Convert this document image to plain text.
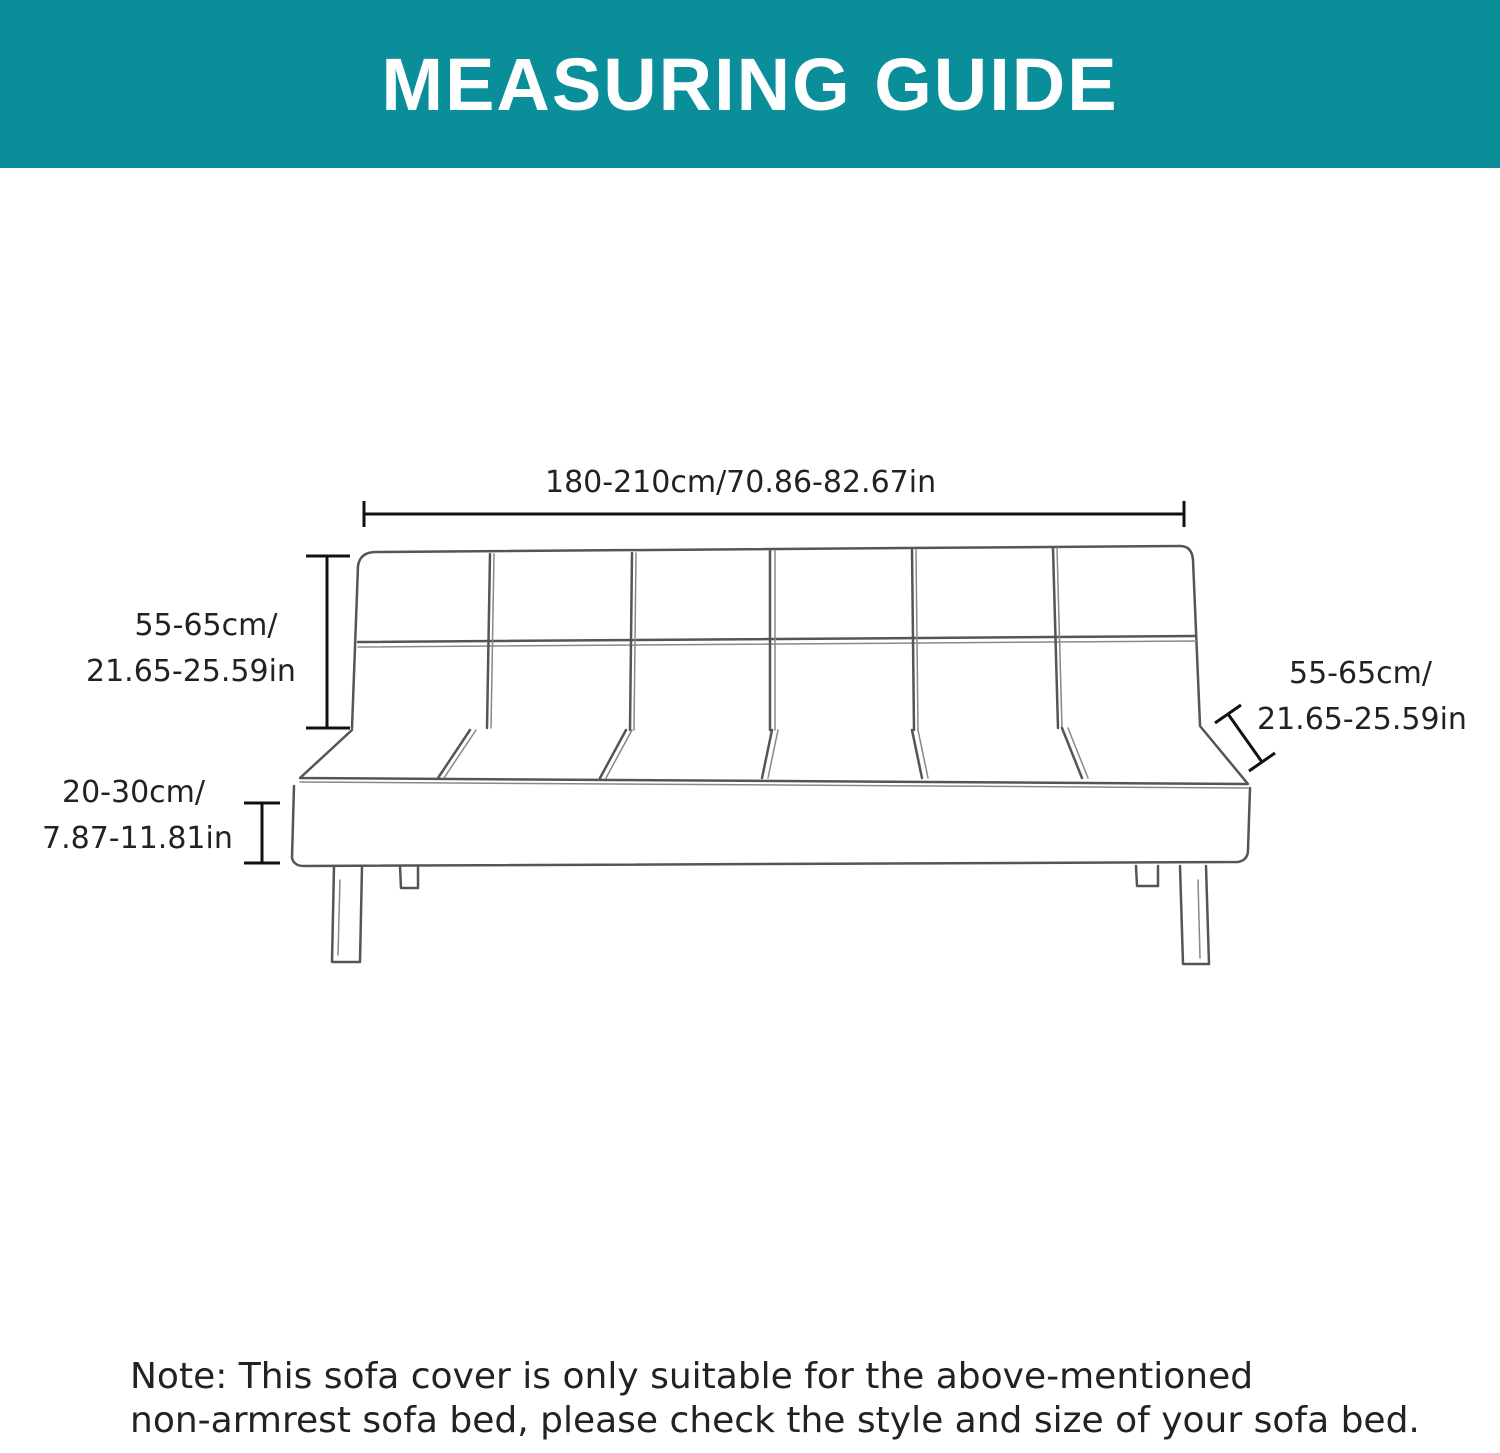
MEASURING GUIDE
180-210cm/70.86-82.67in
55-65cm/
21.65-25.59in	55-65cm/
21.65-25.59in
20-30cm/
7.87-11.81in
Note: This sofa cover is only suitable for the above-mentioned
non-armrest sofa bed, please check the style and size of your sofa bed.
